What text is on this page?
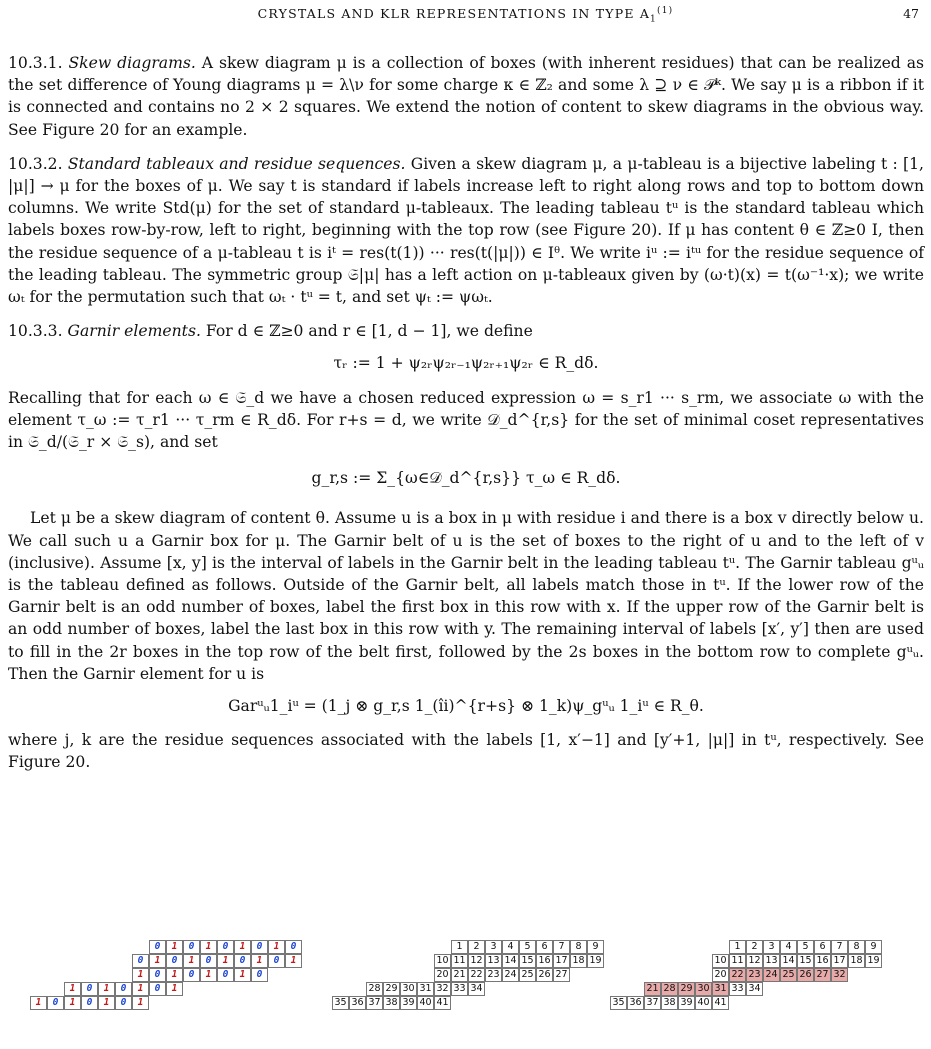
CRYSTALS AND KLR REPRESENTATIONS IN TYPE $A_1^{(1)}$	47

10.3.1. Skew diagrams. A skew diagram μ is a collection of boxes (with inherent residues) that can be realized as the set difference of Young diagrams μ = λ\ν for some charge κ ∈ ℤ₂ and some λ ⊇ ν ∈ 𝒫ᵏ. We say μ is a ribbon if it is connected and contains no 2 × 2 squares. We extend the notion of content to skew diagrams in the obvious way. See Figure 20 for an example.

10.3.2. Standard tableaux and residue sequences. Given a skew diagram μ, a μ-tableau is a bijective labeling t : [1, |μ|] → μ for the boxes of μ. We say t is standard if labels increase left to right along rows and top to bottom down columns. We write Std(μ) for the set of standard μ-tableaux. The leading tableau tᵘ is the standard tableau which labels boxes row-by-row, left to right, beginning with the top row (see Figure 20). If μ has content θ ∈ ℤ≥0 I, then the residue sequence of a μ-tableau t is iᵗ = res(t(1)) ··· res(t(|μ|)) ∈ Iᶿ. We write iᵘ := iᵗᵘ for the residue sequence of the leading tableau. The symmetric group 𝔖|μ| has a left action on μ-tableaux given by (ω·t)(x) = t(ω⁻¹·x); we write ωₜ for the permutation such that ωₜ · tᵘ = t, and set ψₜ := ψωₜ.

10.3.3. Garnir elements. For d ∈ ℤ≥0 and r ∈ [1, d − 1], we define

τᵣ := 1 + ψ₂ᵣψ₂ᵣ₋₁ψ₂ᵣ₊₁ψ₂ᵣ ∈ R_dδ.

Recalling that for each ω ∈ 𝔖_d we have a chosen reduced expression ω = s_r1 ··· s_rm, we associate ω with the element τ_ω := τ_r1 ··· τ_rm ∈ R_dδ. For r+s = d, we write 𝒟_d^{r,s} for the set of minimal coset representatives in 𝔖_d/(𝔖_r × 𝔖_s), and set

g_r,s := Σ_{ω∈𝒟_d^{r,s}} τ_ω ∈ R_dδ.

Let μ be a skew diagram of content θ. Assume u is a box in μ with residue i and there is a box v directly below u. We call such u a Garnir box for μ. The Garnir belt of u is the set of boxes to the right of u and to the left of v (inclusive). Assume [x, y] is the interval of labels in the Garnir belt in the leading tableau tᵘ. The Garnir tableau gᵘᵤ is the tableau defined as follows. Outside of the Garnir belt, all labels match those in tᵘ. If the lower row of the Garnir belt is an odd number of boxes, label the first box in this row with x. If the upper row of the Garnir belt is an odd number of boxes, label the last box in this row with y. The remaining interval of labels [x′, y′] then are used to fill in the 2r boxes in the top row of the belt first, followed by the 2s boxes in the bottom row to complete gᵘᵤ. Then the Garnir element for u is

Garᵘᵤ1_iᵘ = (1_j ⊗ g_r,s 1_(îi)^{r+s} ⊗ 1_k)ψ_gᵘᵤ 1_iᵘ ∈ R_θ.

where j, k are the residue sequences associated with the labels [1, x′−1] and [y′+1, |μ|] in tᵘ, respectively. See Figure 20.

0	1	0	1	0	1	0	1	0
0	1	0	1	0	1	0	1	0	1
1	0	1	0	1	0	1	0
1	0	1	0	1	0	1
1	0	1	0	1	0	1
1	2	3	4	5	6	7	8	9
10 11 12 13 14 15 16 17 18 19
20 21 22 23 24 25 26 27
28 29 30 31 32 33 34
35 36 37 38 39 40 41
1	2	3	4	5	6	7	8	9
10 11 12 13 14 15 16 17 18 19
20 22 23 24 25 26 27 32
21 28 29 30 31 33 34
35 36 37 38 39 40 41
